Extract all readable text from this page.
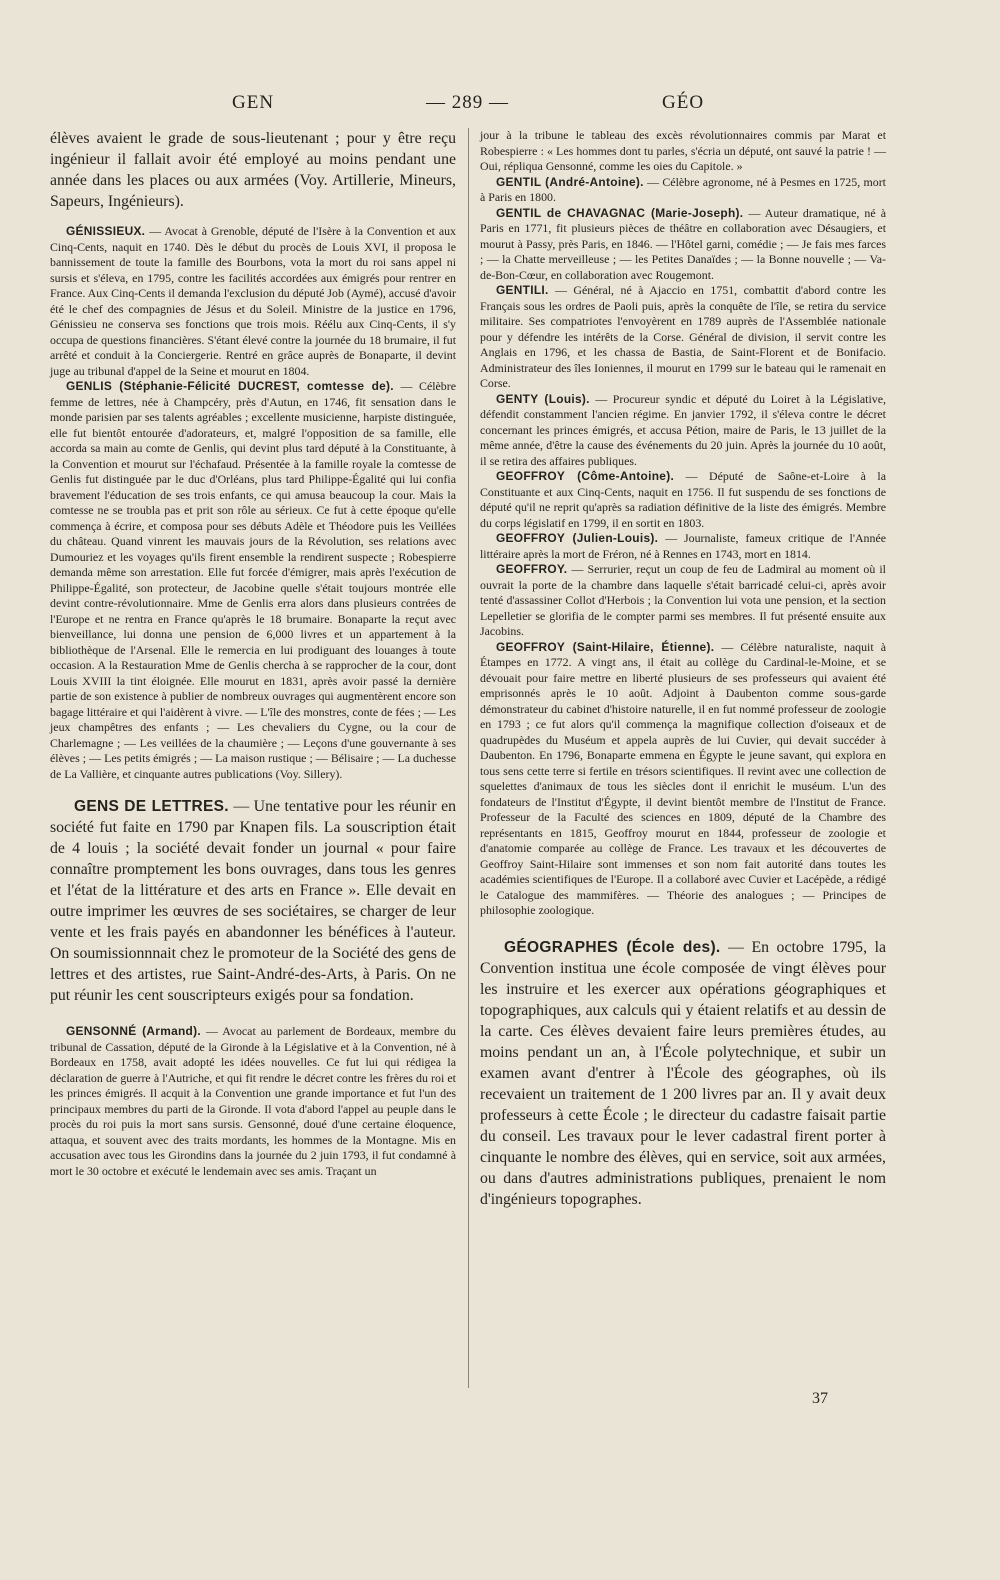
GEN	— 289 —	GÉO

élèves avaient le grade de sous-lieutenant ; pour y être reçu ingénieur il fallait avoir été employé au moins pendant une année dans les places ou aux armées (Voy. Artillerie, Mineurs, Sapeurs, Ingénieurs).

GÉNISSIEUX. — Avocat à Grenoble, député de l'Isère à la Convention et aux Cinq-Cents, naquit en 1740. Dès le début du procès de Louis XVI, il proposa le bannissement de toute la famille des Bourbons, vota la mort du roi sans appel ni sursis et s'éleva, en 1795, contre les facilités accordées aux émigrés pour rentrer en France. Aux Cinq-Cents il demanda l'exclusion du député Job (Aymé), accusé d'avoir été le chef des compagnies de Jésus et du Soleil. Ministre de la justice en 1796, Génissieu ne conserva ses fonctions que trois mois. Réélu aux Cinq-Cents, il s'y occupa de questions financières. S'étant élevé contre la journée du 18 brumaire, il fut arrêté et conduit à la Conciergerie. Rentré en grâce auprès de Bonaparte, il devint juge au tribunal d'appel de la Seine et mourut en 1804.

GENLIS (Stéphanie-Félicité DUCREST, comtesse de). — Célèbre femme de lettres, née à Champcéry, près d'Autun, en 1746, fit sensation dans le monde parisien par ses talents agréables ; excellente musicienne, harpiste distinguée, elle fut bientôt entourée d'adorateurs, et, malgré l'opposition de sa famille, elle accorda sa main au comte de Genlis, qui devint plus tard député à la Constituante, à la Convention et mourut sur l'échafaud. Présentée à la famille royale la comtesse de Genlis fut distinguée par le duc d'Orléans, plus tard Philippe-Égalité qui lui confia bravement l'éducation de ses trois enfants, ce qui amusa beaucoup la cour. Mais la comtesse ne se troubla pas et prit son rôle au sérieux. Ce fut à cette époque qu'elle commença à écrire, et composa pour ses débuts Adèle et Théodore puis les Veillées du château. Quand vinrent les mauvais jours de la Révolution, ses relations avec Dumouriez et les voyages qu'ils firent ensemble la rendirent suspecte ; Robespierre demanda même son arrestation. Elle fut forcée d'émigrer, mais après l'exécution de Philippe-Égalité, son protecteur, de Jacobine quelle s'était toujours montrée elle devint contre-révolutionnaire. Mme de Genlis erra alors dans plusieurs contrées de l'Europe et ne rentra en France qu'après le 18 brumaire. Bonaparte la reçut avec bienveillance, lui donna une pension de 6,000 livres et un appartement à la bibliothèque de l'Arsenal. Elle le remercia en lui prodiguant des louanges à toute occasion. A la Restauration Mme de Genlis chercha à se rapprocher de la cour, dont Louis XVIII la tint éloignée. Elle mourut en 1831, après avoir passé la dernière partie de son existence à publier de nombreux ouvrages qui augmentèrent encore son bagage littéraire et qui l'aidèrent à vivre. — L'île des monstres, conte de fées ; — Les jeux champêtres des enfants ; — Les chevaliers du Cygne, ou la cour de Charlemagne ; — Les veillées de la chaumière ; — Leçons d'une gouvernante à ses élèves ; — Les petits émigrés ; — La maison rustique ; — Bélisaire ; — La duchesse de La Vallière, et cinquante autres publications (Voy. Sillery).

GENS DE LETTRES. — Une tentative pour les réunir en société fut faite en 1790 par Knapen fils. La souscription était de 4 louis ; la société devait fonder un journal « pour faire connaître promptement les bons ouvrages, dans tous les genres et l'état de la littérature et des arts en France ». Elle devait en outre imprimer les œuvres de ses sociétaires, se charger de leur vente et les frais payés en abandonner les bénéfices à l'auteur. On soumissionnnait chez le promoteur de la Société des gens de lettres et des artistes, rue Saint-André-des-Arts, à Paris. On ne put réunir les cent souscripteurs exigés pour sa fondation.

GENSONNÉ (Armand). — Avocat au parlement de Bordeaux, membre du tribunal de Cassation, député de la Gironde à la Législative et à la Convention, né à Bordeaux en 1758, avait adopté les idées nouvelles. Ce fut lui qui rédigea la déclaration de guerre à l'Autriche, et qui fit rendre le décret contre les frères du roi et les princes émigrés. Il acquit à la Convention une grande importance et fut l'un des principaux membres du parti de la Gironde. Il vota d'abord l'appel au peuple dans le procès du roi puis la mort sans sursis. Gensonné, doué d'une certaine éloquence, attaqua, et souvent avec des traits mordants, les hommes de la Montagne. Mis en accusation avec tous les Girondins dans la journée du 2 juin 1793, il fut condamné à mort le 30 octobre et exécuté le lendemain avec ses amis. Traçant un

jour à la tribune le tableau des excès révolutionnaires commis par Marat et Robespierre : « Les hommes dont tu parles, s'écria un député, ont sauvé la patrie ! — Oui, répliqua Gensonné, comme les oies du Capitole. »

GENTIL (André-Antoine). — Célèbre agronome, né à Pesmes en 1725, mort à Paris en 1800.

GENTIL de CHAVAGNAC (Marie-Joseph). — Auteur dramatique, né à Paris en 1771, fit plusieurs pièces de théâtre en collaboration avec Désaugiers, et mourut à Passy, près Paris, en 1846. — l'Hôtel garni, comédie ; — Je fais mes farces ; — la Chatte merveilleuse ; — les Petites Danaïdes ; — la Bonne nouvelle ; — Va-de-Bon-Cœur, en collaboration avec Rougemont.

GENTILI. — Général, né à Ajaccio en 1751, combattit d'abord contre les Français sous les ordres de Paoli puis, après la conquête de l'île, se retira du service militaire. Ses compatriotes l'envoyèrent en 1789 auprès de l'Assemblée nationale pour y défendre les intérêts de la Corse. Général de division, il servit contre les Anglais en 1796, et les chassa de Bastia, de Saint-Florent et de Bonifacio. Administrateur des îles Ioniennes, il mourut en 1799 sur le bateau qui le ramenait en Corse.

GENTY (Louis). — Procureur syndic et député du Loiret à la Législative, défendit constamment l'ancien régime. En janvier 1792, il s'éleva contre le décret concernant les princes émigrés, et accusa Pétion, maire de Paris, le 13 juillet de la même année, d'être la cause des événements du 20 juin. Après la journée du 10 août, il se retira des affaires publiques.

GEOFFROY (Côme-Antoine). — Député de Saône-et-Loire à la Constituante et aux Cinq-Cents, naquit en 1756. Il fut suspendu de ses fonctions de député qu'il ne reprit qu'après sa radiation définitive de la liste des émigrés. Membre du corps législatif en 1799, il en sortit en 1803.

GEOFFROY (Julien-Louis). — Journaliste, fameux critique de l'Année littéraire après la mort de Fréron, né à Rennes en 1743, mort en 1814.

GEOFFROY. — Serrurier, reçut un coup de feu de Ladmiral au moment où il ouvrait la porte de la chambre dans laquelle s'était barricadé celui-ci, après avoir tenté d'assassiner Collot d'Herbois ; la Convention lui vota une pension, et la section Lepelletier se glorifia de le compter parmi ses membres. Il fut présenté ensuite aux Jacobins.

GEOFFROY (Saint-Hilaire, Étienne). — Célèbre naturaliste, naquit à Étampes en 1772. A vingt ans, il était au collège du Cardinal-le-Moine, et se dévouait pour faire mettre en liberté plusieurs de ses professeurs qui avaient été emprisonnés après le 10 août. Adjoint à Daubenton comme sous-garde démonstrateur du cabinet d'histoire naturelle, il en fut nommé professeur de zoologie en 1793 ; ce fut alors qu'il commença la magnifique collection d'oiseaux et de quadrupèdes du Muséum et appela auprès de lui Cuvier, qui devait succéder à Daubenton. En 1796, Bonaparte emmena en Égypte le jeune savant, qui explora en tous sens cette terre si fertile en trésors scientifiques. Il revint avec une collection de squelettes d'animaux de tous les siècles dont il enrichit le muséum. L'un des fondateurs de l'Institut d'Égypte, il devint bientôt membre de l'Institut de France. Professeur de la Faculté des sciences en 1809, député de la Chambre des représentants en 1815, Geoffroy mourut en 1844, professeur de zoologie et d'anatomie comparée au collège de France. Les travaux et les découvertes de Geoffroy Saint-Hilaire sont immenses et son nom fait autorité dans toutes les académies scientifiques de l'Europe. Il a collaboré avec Cuvier et Lacépède, a rédigé le Catalogue des mammifères. — Théorie des analogues ; — Principes de philosophie zoologique.

GÉOGRAPHES (École des). — En octobre 1795, la Convention institua une école composée de vingt élèves pour les instruire et les exercer aux opérations géographiques et topographiques, aux calculs qui y étaient relatifs et au dessin de la carte. Ces élèves devaient faire leurs premières études, au moins pendant un an, à l'École polytechnique, et subir un examen avant d'entrer à l'École des géographes, où ils recevaient un traitement de 1 200 livres par an. Il y avait deux professeurs à cette École ; le directeur du cadastre faisait partie du conseil. Les travaux pour le lever cadastral firent porter à cinquante le nombre des élèves, qui en service, soit aux armées, ou dans d'autres administrations publiques, prenaient le nom d'ingénieurs topographes.

37
